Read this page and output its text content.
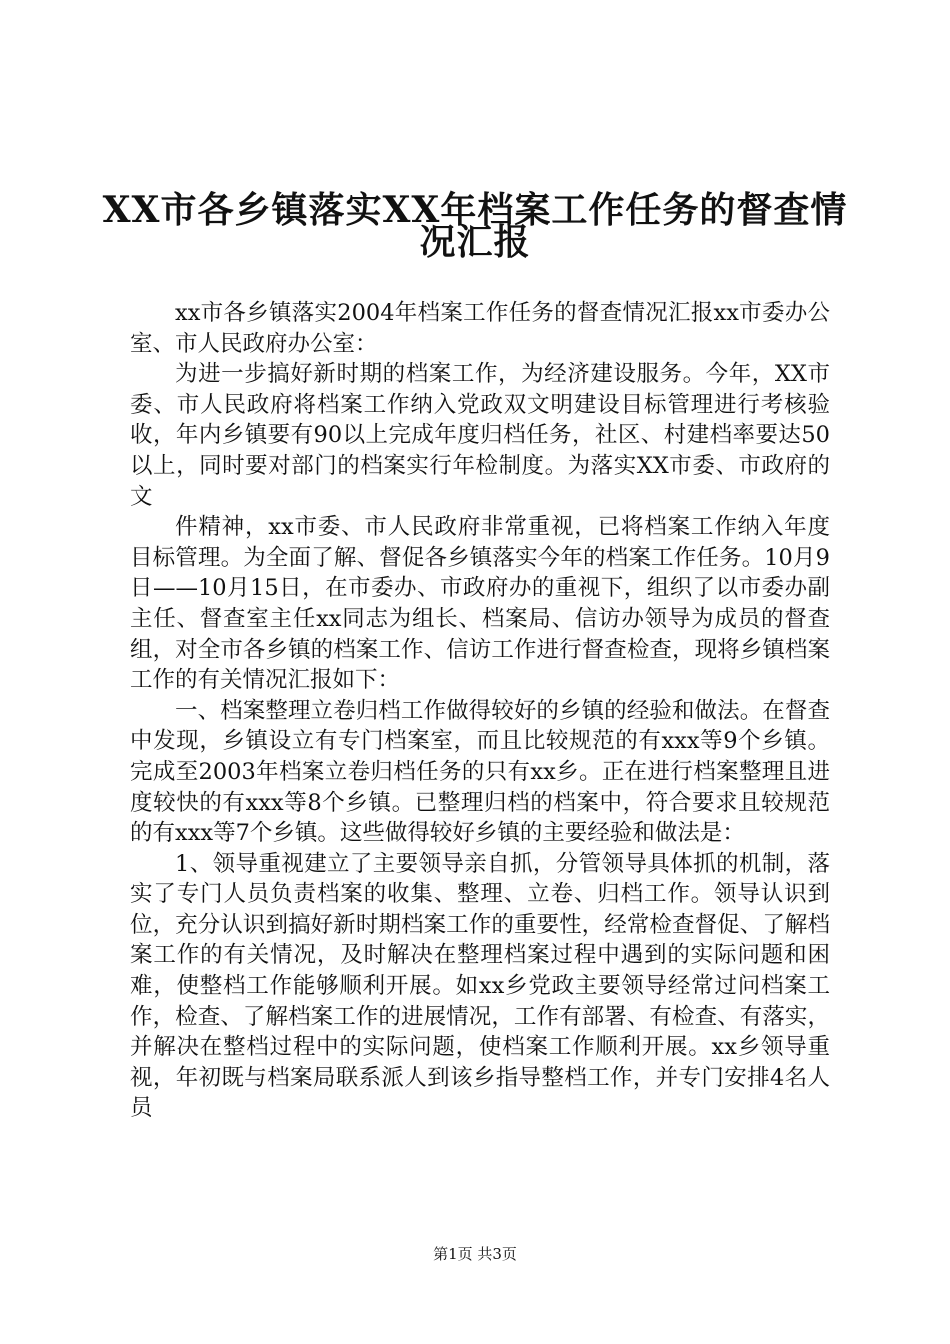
XX市各乡镇落实XX年档案工作任务的督查情
况汇报

xx市各乡镇落实2004年档案工作任务的督查情况汇报xx市委办公室、市人民政府办公室：

为进一步搞好新时期的档案工作，为经济建设服务。今年，XX市委、市人民政府将档案工作纳入党政双文明建设目标管理进行考核验收，年内乡镇要有90以上完成年度归档任务，社区、村建档率要达50以上，同时要对部门的档案实行年检制度。为落实XX市委、市政府的文

件精神，xx市委、市人民政府非常重视，已将档案工作纳入年度目标管理。为全面了解、督促各乡镇落实今年的档案工作任务。10月9日——10月15日，在市委办、市政府办的重视下，组织了以市委办副主任、督查室主任xx同志为组长、档案局、信访办领导为成员的督查组，对全市各乡镇的档案工作、信访工作进行督查检查，现将乡镇档案工作的有关情况汇报如下：

一、档案整理立卷归档工作做得较好的乡镇的经验和做法。在督查中发现，乡镇设立有专门档案室，而且比较规范的有xxx等9个乡镇。完成至2003年档案立卷归档任务的只有xx乡。正在进行档案整理且进度较快的有xxx等8个乡镇。已整理归档的档案中，符合要求且较规范的有xxx等7个乡镇。这些做得较好乡镇的主要经验和做法是：

1、领导重视建立了主要领导亲自抓，分管领导具体抓的机制，落实了专门人员负责档案的收集、整理、立卷、归档工作。领导认识到位，充分认识到搞好新时期档案工作的重要性，经常检查督促、了解档案工作的有关情况，及时解决在整理档案过程中遇到的实际问题和困难，使整档工作能够顺利开展。如xx乡党政主要领导经常过问档案工作，检查、了解档案工作的进展情况，工作有部署、有检查、有落实，并解决在整档过程中的实际问题，使档案工作顺利开展。xx乡领导重视，年初既与档案局联系派人到该乡指导整档工作，并专门安排4名人员

第1页 共3页
